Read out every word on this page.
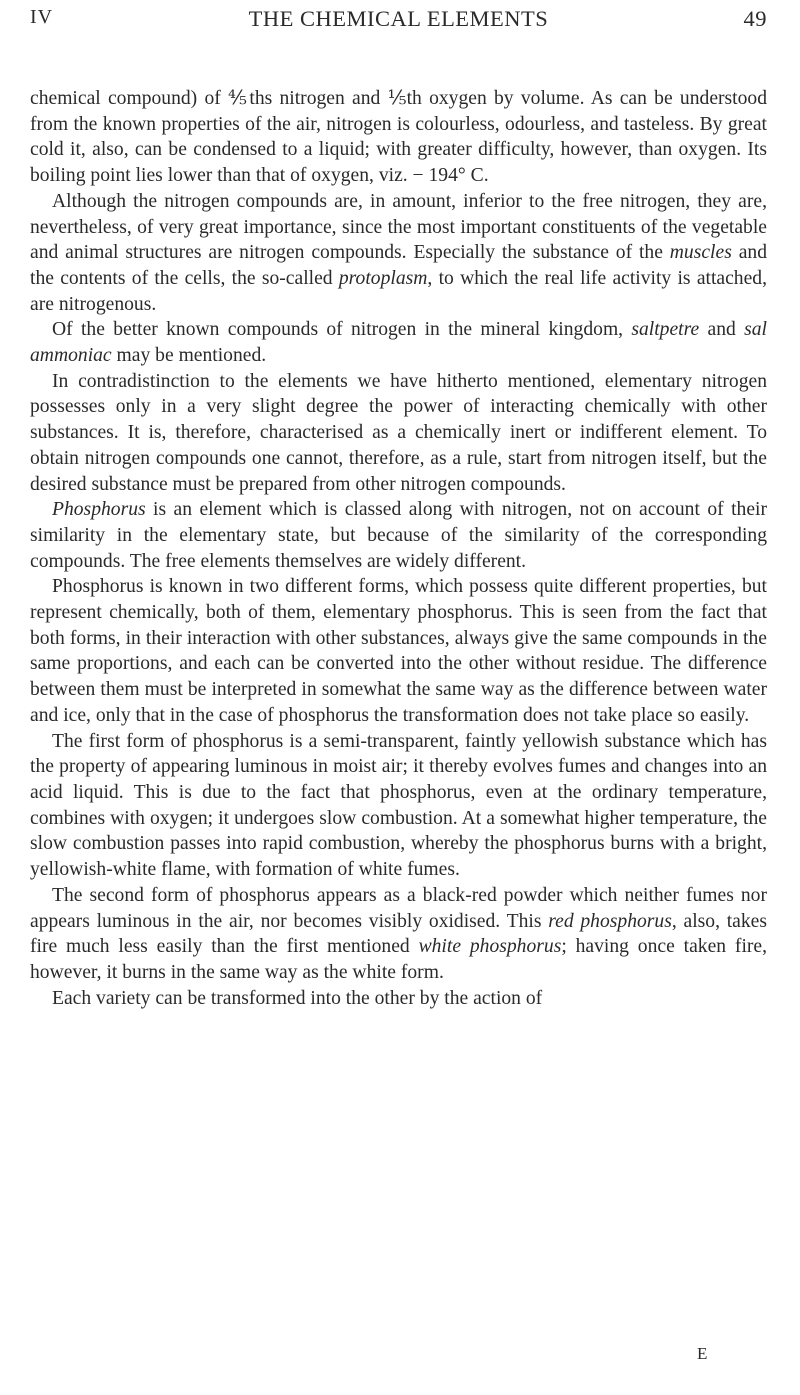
IV	THE CHEMICAL ELEMENTS	49

chemical compound) of ⅘ths nitrogen and ⅕th oxygen by volume. As can be understood from the known properties of the air, nitrogen is colourless, odourless, and tasteless. By great cold it, also, can be condensed to a liquid; with greater difficulty, however, than oxygen. Its boiling point lies lower than that of oxygen, viz. − 194° C.

Although the nitrogen compounds are, in amount, inferior to the free nitrogen, they are, nevertheless, of very great importance, since the most important constituents of the vegetable and animal structures are nitrogen compounds. Especially the substance of the muscles and the contents of the cells, the so-called protoplasm, to which the real life activity is attached, are nitrogenous.

Of the better known compounds of nitrogen in the mineral kingdom, saltpetre and sal ammoniac may be mentioned.

In contradistinction to the elements we have hitherto mentioned, elementary nitrogen possesses only in a very slight degree the power of interacting chemically with other substances. It is, therefore, characterised as a chemically inert or indifferent element. To obtain nitrogen compounds one cannot, therefore, as a rule, start from nitrogen itself, but the desired substance must be prepared from other nitrogen compounds.

Phosphorus is an element which is classed along with nitrogen, not on account of their similarity in the elementary state, but because of the similarity of the corresponding compounds. The free elements themselves are widely different.

Phosphorus is known in two different forms, which possess quite different properties, but represent chemically, both of them, elementary phosphorus. This is seen from the fact that both forms, in their interaction with other substances, always give the same compounds in the same proportions, and each can be converted into the other without residue. The difference between them must be interpreted in somewhat the same way as the difference between water and ice, only that in the case of phosphorus the transformation does not take place so easily.

The first form of phosphorus is a semi-transparent, faintly yellowish substance which has the property of appearing luminous in moist air; it thereby evolves fumes and changes into an acid liquid. This is due to the fact that phosphorus, even at the ordinary temperature, combines with oxygen; it undergoes slow combustion. At a somewhat higher temperature, the slow combustion passes into rapid combustion, whereby the phosphorus burns with a bright, yellowish-white flame, with formation of white fumes.

The second form of phosphorus appears as a black-red powder which neither fumes nor appears luminous in the air, nor becomes visibly oxidised. This red phosphorus, also, takes fire much less easily than the first mentioned white phosphorus; having once taken fire, however, it burns in the same way as the white form.

Each variety can be transformed into the other by the action of

E
